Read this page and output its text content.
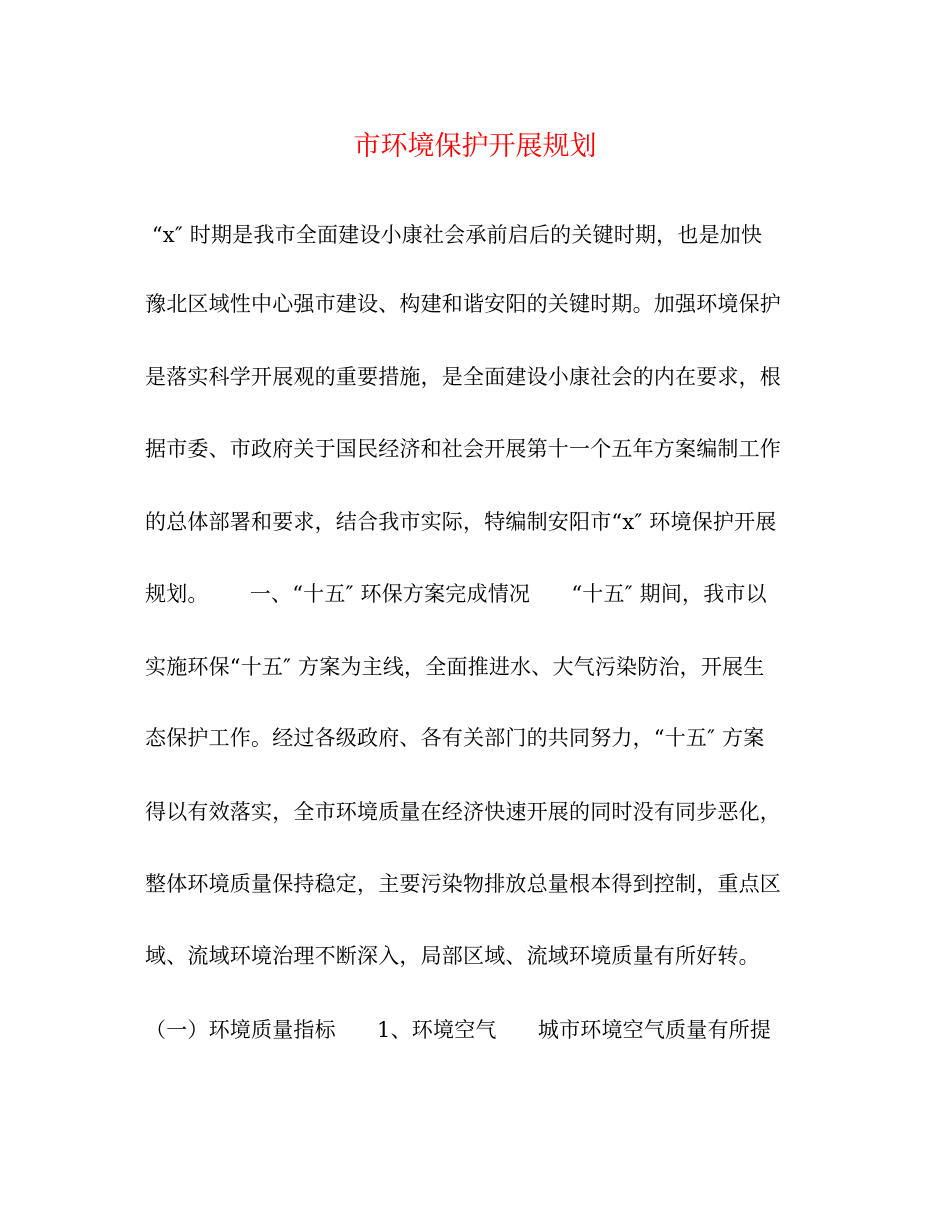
市环境保护开展规划
“x″ 时期是我市全面建设小康社会承前启后的关键时期，也是加快
豫北区域性中心强市建设、构建和谐安阳的关键时期。加强环境保护
是落实科学开展观的重要措施，是全面建设小康社会的内在要求，根
据市委、市政府关于国民经济和社会开展第十一个五年方案编制工作
的总体部署和要求，结合我市实际，特编制安阳市“x″ 环境保护开展
规划。      一、“十五″ 环保方案完成情况      “十五″ 期间，我市以
实施环保“十五″ 方案为主线，全面推进水、大气污染防治，开展生
态保护工作。经过各级政府、各有关部门的共同努力，“十五″ 方案
得以有效落实，全市环境质量在经济快速开展的同时没有同步恶化，
整体环境质量保持稳定，主要污染物排放总量根本得到控制，重点区
域、流域环境治理不断深入，局部区域、流域环境质量有所好转。
（一）环境质量指标      1、环境空气      城市环境空气质量有所提
